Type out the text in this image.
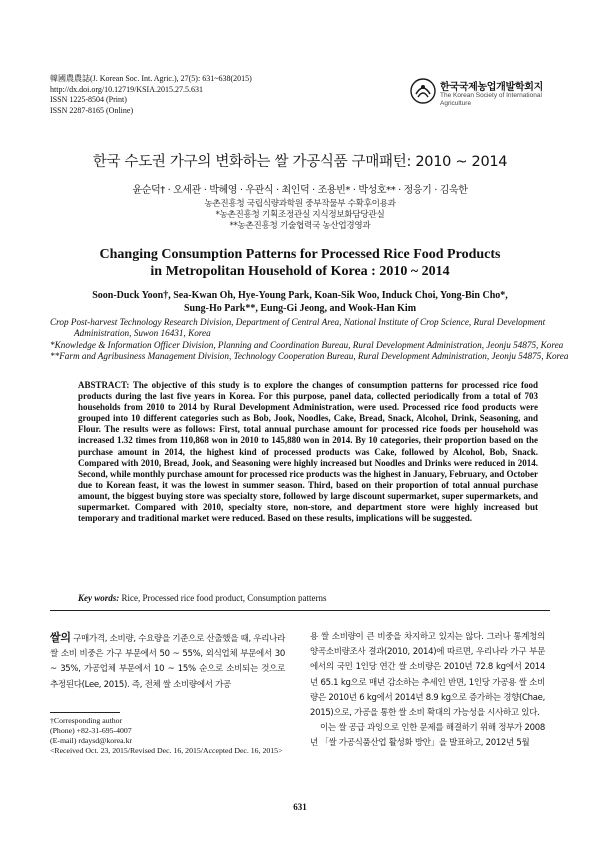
韓國農農誌(J. Korean Soc. Int. Agric.), 27(5): 631~638(2015)
http://dx.doi.org/10.12719/KSIA.2015.27.5.631
ISSN 1225-8504 (Print)
ISSN 2287-8165 (Online)
한국국제농업개발학회지
The Korean Society of International
Agriculture
한국 수도권 가구의 변화하는 쌀 가공식품 구매패턴: 2010 ~ 2014
윤순덕† · 오세관 · 박혜영 · 우관식 · 최인덕 · 조용빈* · 박성호** · 정응기 · 김욱한
농촌진흥청 국립식량과학원 중부작물부 수확후이용과
*농촌진흥청 기획조정관실 지식정보화담당관실
**농촌진흥청 기술협력국 농산업경영과
Changing Consumption Patterns for Processed Rice Food Products
in Metropolitan Household of Korea : 2010 ~ 2014
Soon-Duck Yoon†, Sea-Kwan Oh, Hye-Young Park, Koan-Sik Woo, Induck Choi, Yong-Bin Cho*,
Sung-Ho Park**, Eung-Gi Jeong, and Wook-Han Kim

Crop Post-harvest Technology Research Division, Department of Central Area, National Institute of Crop Science, Rural Development Administration, Suwon 16431, Korea

*Knowledge & Information Officer Division, Planning and Coordination Bureau, Rural Development Administration, Jeonju 54875, Korea

**Farm and Agribusiness Management Division, Technology Cooperation Bureau, Rural Development Administration, Jeonju 54875, Korea

ABSTRACT: The objective of this study is to explore the changes of consumption patterns for processed rice food products during the last five years in Korea. For this purpose, panel data, collected periodically from a total of 703 households from 2010 to 2014 by Rural Development Administration, were used. Processed rice food products were grouped into 10 different categories such as Bob, Jook, Noodles, Cake, Bread, Snack, Alcohol, Drink, Seasoning, and Flour. The results were as follows: First, total annual purchase amount for processed rice foods per household was increased 1.32 times from 110,868 won in 2010 to 145,880 won in 2014. By 10 categories, their proportion based on the purchase amount in 2014, the highest kind of processed products was Cake, followed by Alcohol, Bob, Snack. Compared with 2010, Bread, Jook, and Seasoning were highly increased but Noodles and Drinks were reduced in 2014. Second, while monthly purchase amount for processed rice products was the highest in January, February, and October due to Korean feast, it was the lowest in summer season. Third, based on their proportion of total annual purchase amount, the biggest buying store was specialty store, followed by large discount supermarket, super supermarkets, and supermarket. Compared with 2010, specialty store, non-store, and department store were highly increased but temporary and traditional market were reduced. Based on these results, implications will be suggested.
Key words: Rice, Processed rice food product, Consumption patterns
쌀의 구매가격, 소비량, 수요량을 기준으로 산출했을 때, 우리나라 쌀 소비 비중은 가구 부문에서 50 ~ 55%, 외식업체 부문에서 30 ~ 35%, 가공업체 부문에서 10 ~ 15% 순으로 소비되는 것으로 추정된다(Lee, 2015). 즉, 전체 쌀 소비량에서 가공
용 쌀 소비량이 큰 비중을 차지하고 있지는 않다. 그러나 통계청의 양곡소비량조사 결과(2010, 2014)에 따르면, 우리나라 가구 부문에서의 국민 1인당 연간 쌀 소비량은 2010년 72.8 kg에서 2014년 65.1 kg으로 매년 감소하는 추세인 반면, 1인당 가공용 쌀 소비량은 2010년 6 kg에서 2014년 8.9 kg으로 증가하는 경향(Chae, 2015)으로, 가공을 통한 쌀 소비 확대의 가능성을 시사하고 있다.
이는 쌀 공급 과잉으로 인한 문제를 해결하기 위해 정부가 2008년 「쌀 가공식품산업 활성화 방안」을 발표하고, 2012년 5월
†Corresponding author
(Phone) +82-31-695-4007
(E-mail) rdaysd@korea.kr
<Received Oct. 23, 2015/Revised Dec. 16, 2015/Accepted Dec. 16, 2015>
631
